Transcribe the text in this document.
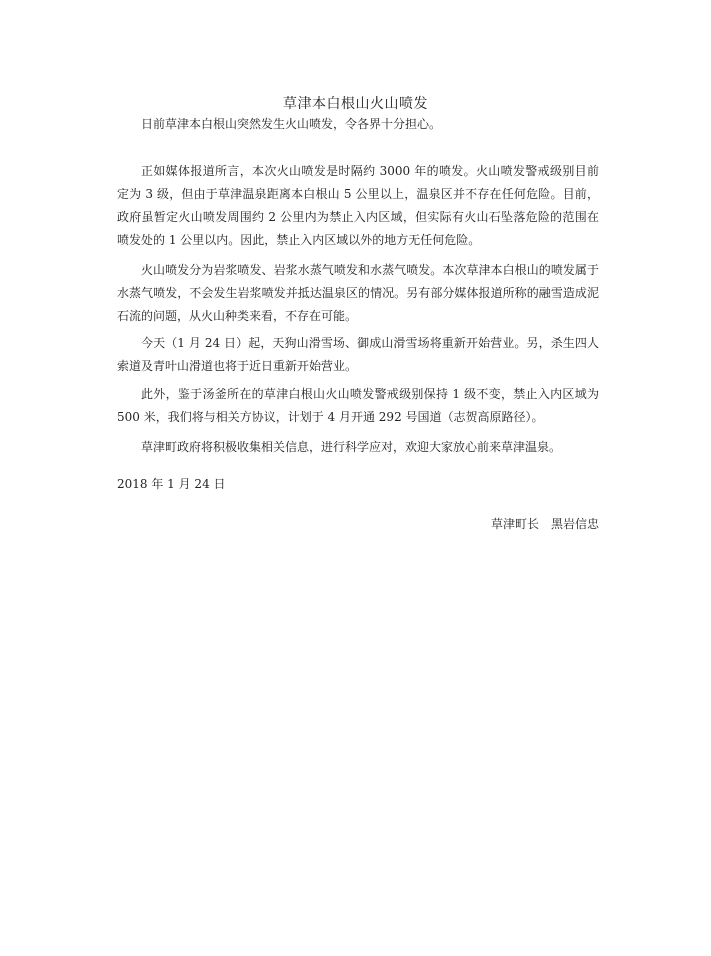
草津本白根山火山喷发

日前草津本白根山突然发生火山喷发，令各界十分担心。

正如媒体报道所言，本次火山喷发是时隔约 3000 年的喷发。火山喷发警戒级别目前定为 3 级，但由于草津温泉距离本白根山 5 公里以上，温泉区并不存在任何危险。目前，政府虽暂定火山喷发周围约 2 公里内为禁止入内区域，但实际有火山石坠落危险的范围在喷发处的 1 公里以内。因此，禁止入内区域以外的地方无任何危险。

火山喷发分为岩浆喷发、岩浆水蒸气喷发和水蒸气喷发。本次草津本白根山的喷发属于水蒸气喷发，不会发生岩浆喷发并抵达温泉区的情况。另有部分媒体报道所称的融雪造成泥石流的问题，从火山种类来看，不存在可能。

今天（1 月 24 日）起，天狗山滑雪场、御成山滑雪场将重新开始营业。另，杀生四人索道及青叶山滑道也将于近日重新开始营业。

此外，鉴于汤釜所在的草津白根山火山喷发警戒级别保持 1 级不变，禁止入内区域为 500 米，我们将与相关方协议，计划于 4 月开通 292 号国道（志贺高原路径）。

草津町政府将积极收集相关信息，进行科学应对，欢迎大家放心前来草津温泉。

2018 年 1 月 24 日
草津町长 黑岩信忠
